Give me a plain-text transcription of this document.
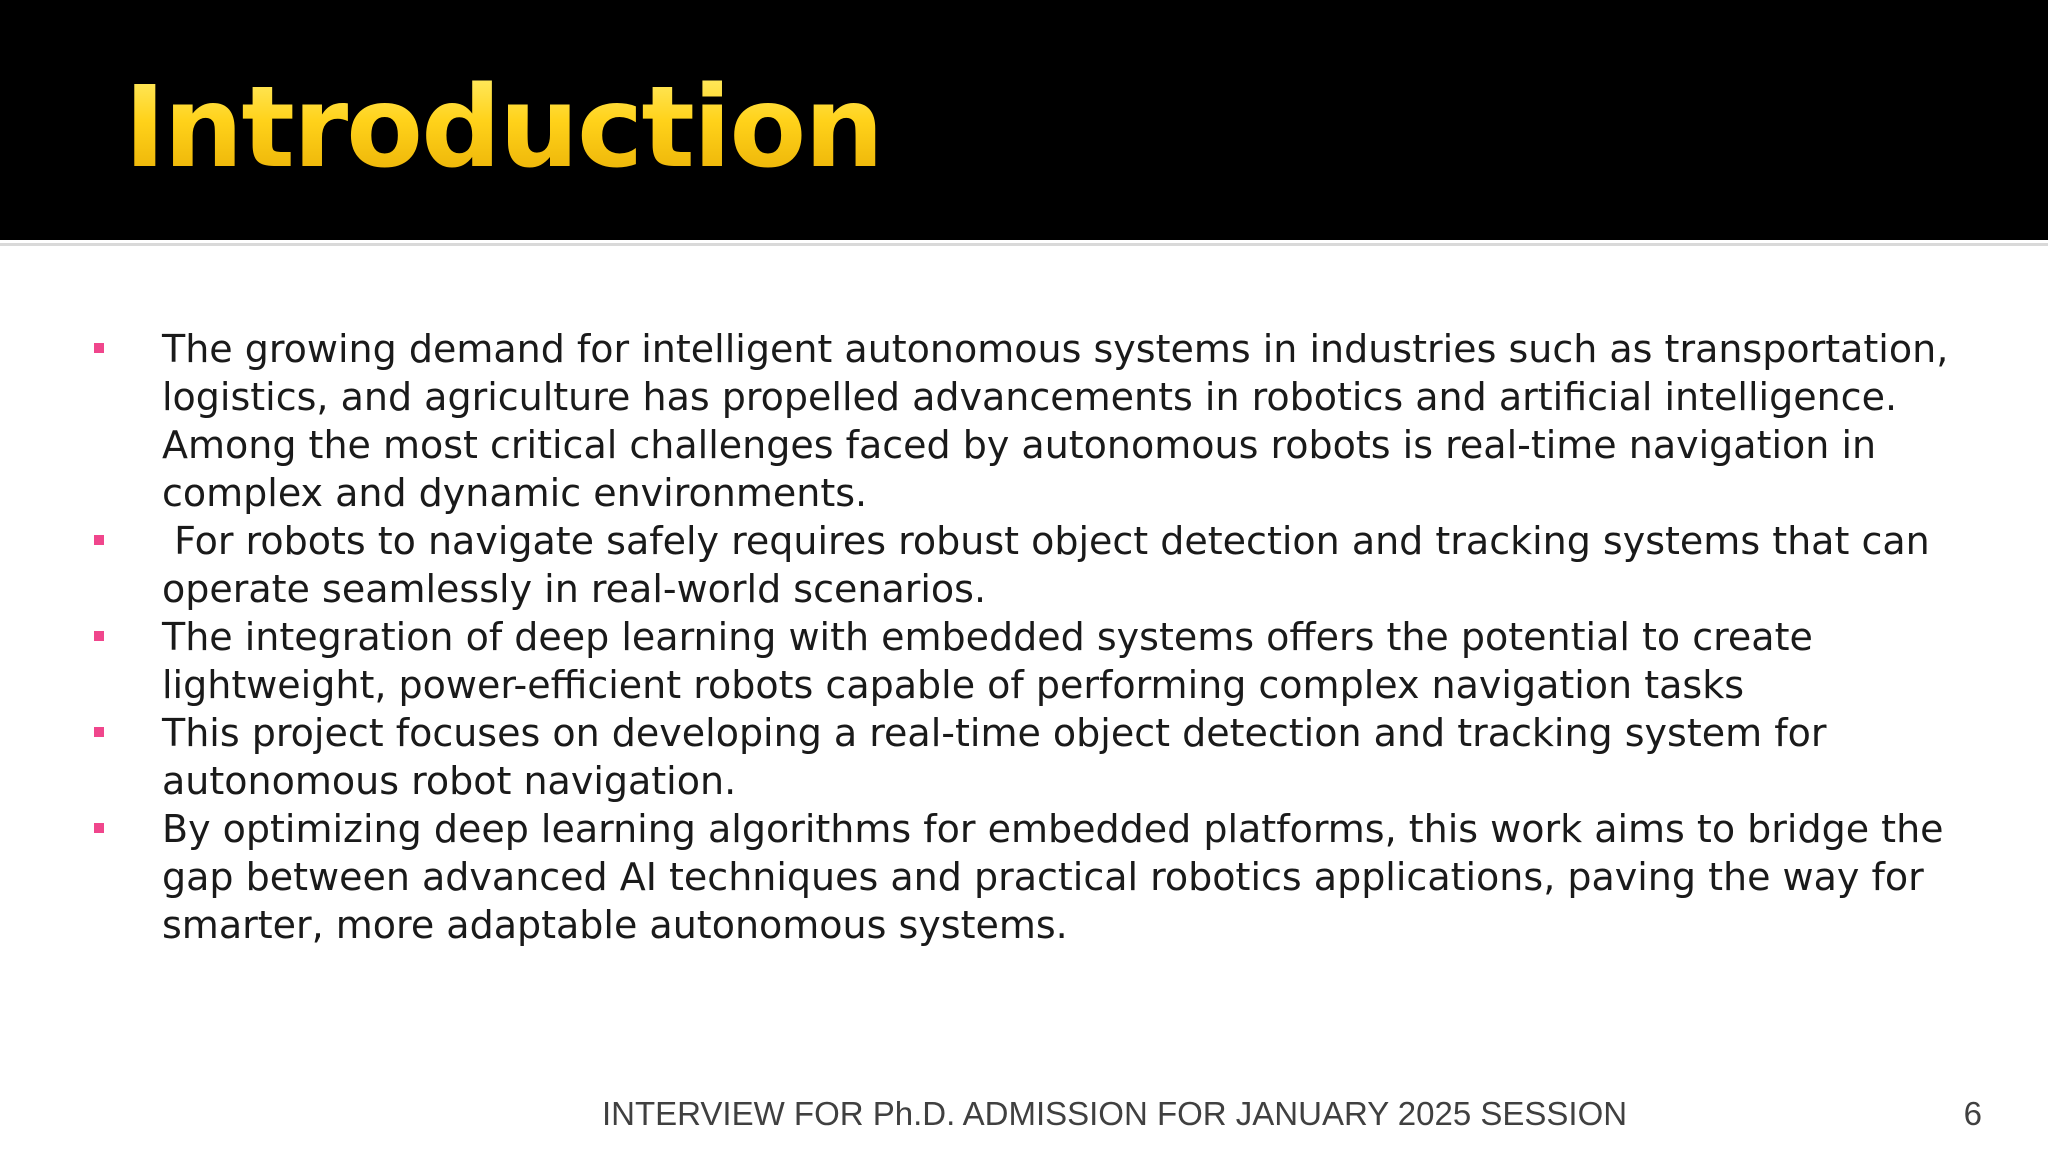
Introduction
The growing demand for intelligent autonomous systems in industries such as transportation, logistics, and agriculture has propelled advancements in robotics and artificial intelligence. Among the most critical challenges faced by autonomous robots is real-time navigation in complex and dynamic environments.
For robots to navigate safely requires robust object detection and tracking systems that can operate seamlessly in real-world scenarios.
The integration of deep learning with embedded systems offers the potential to create lightweight, power-efficient robots capable of performing complex navigation tasks
This project focuses on developing a real-time object detection and tracking system for autonomous robot navigation.
By optimizing deep learning algorithms for embedded platforms, this work aims to bridge the gap between advanced AI techniques and practical robotics applications, paving the way for smarter, more adaptable autonomous systems.
INTERVIEW FOR Ph.D. ADMISSION FOR JANUARY 2025 SESSION	6
